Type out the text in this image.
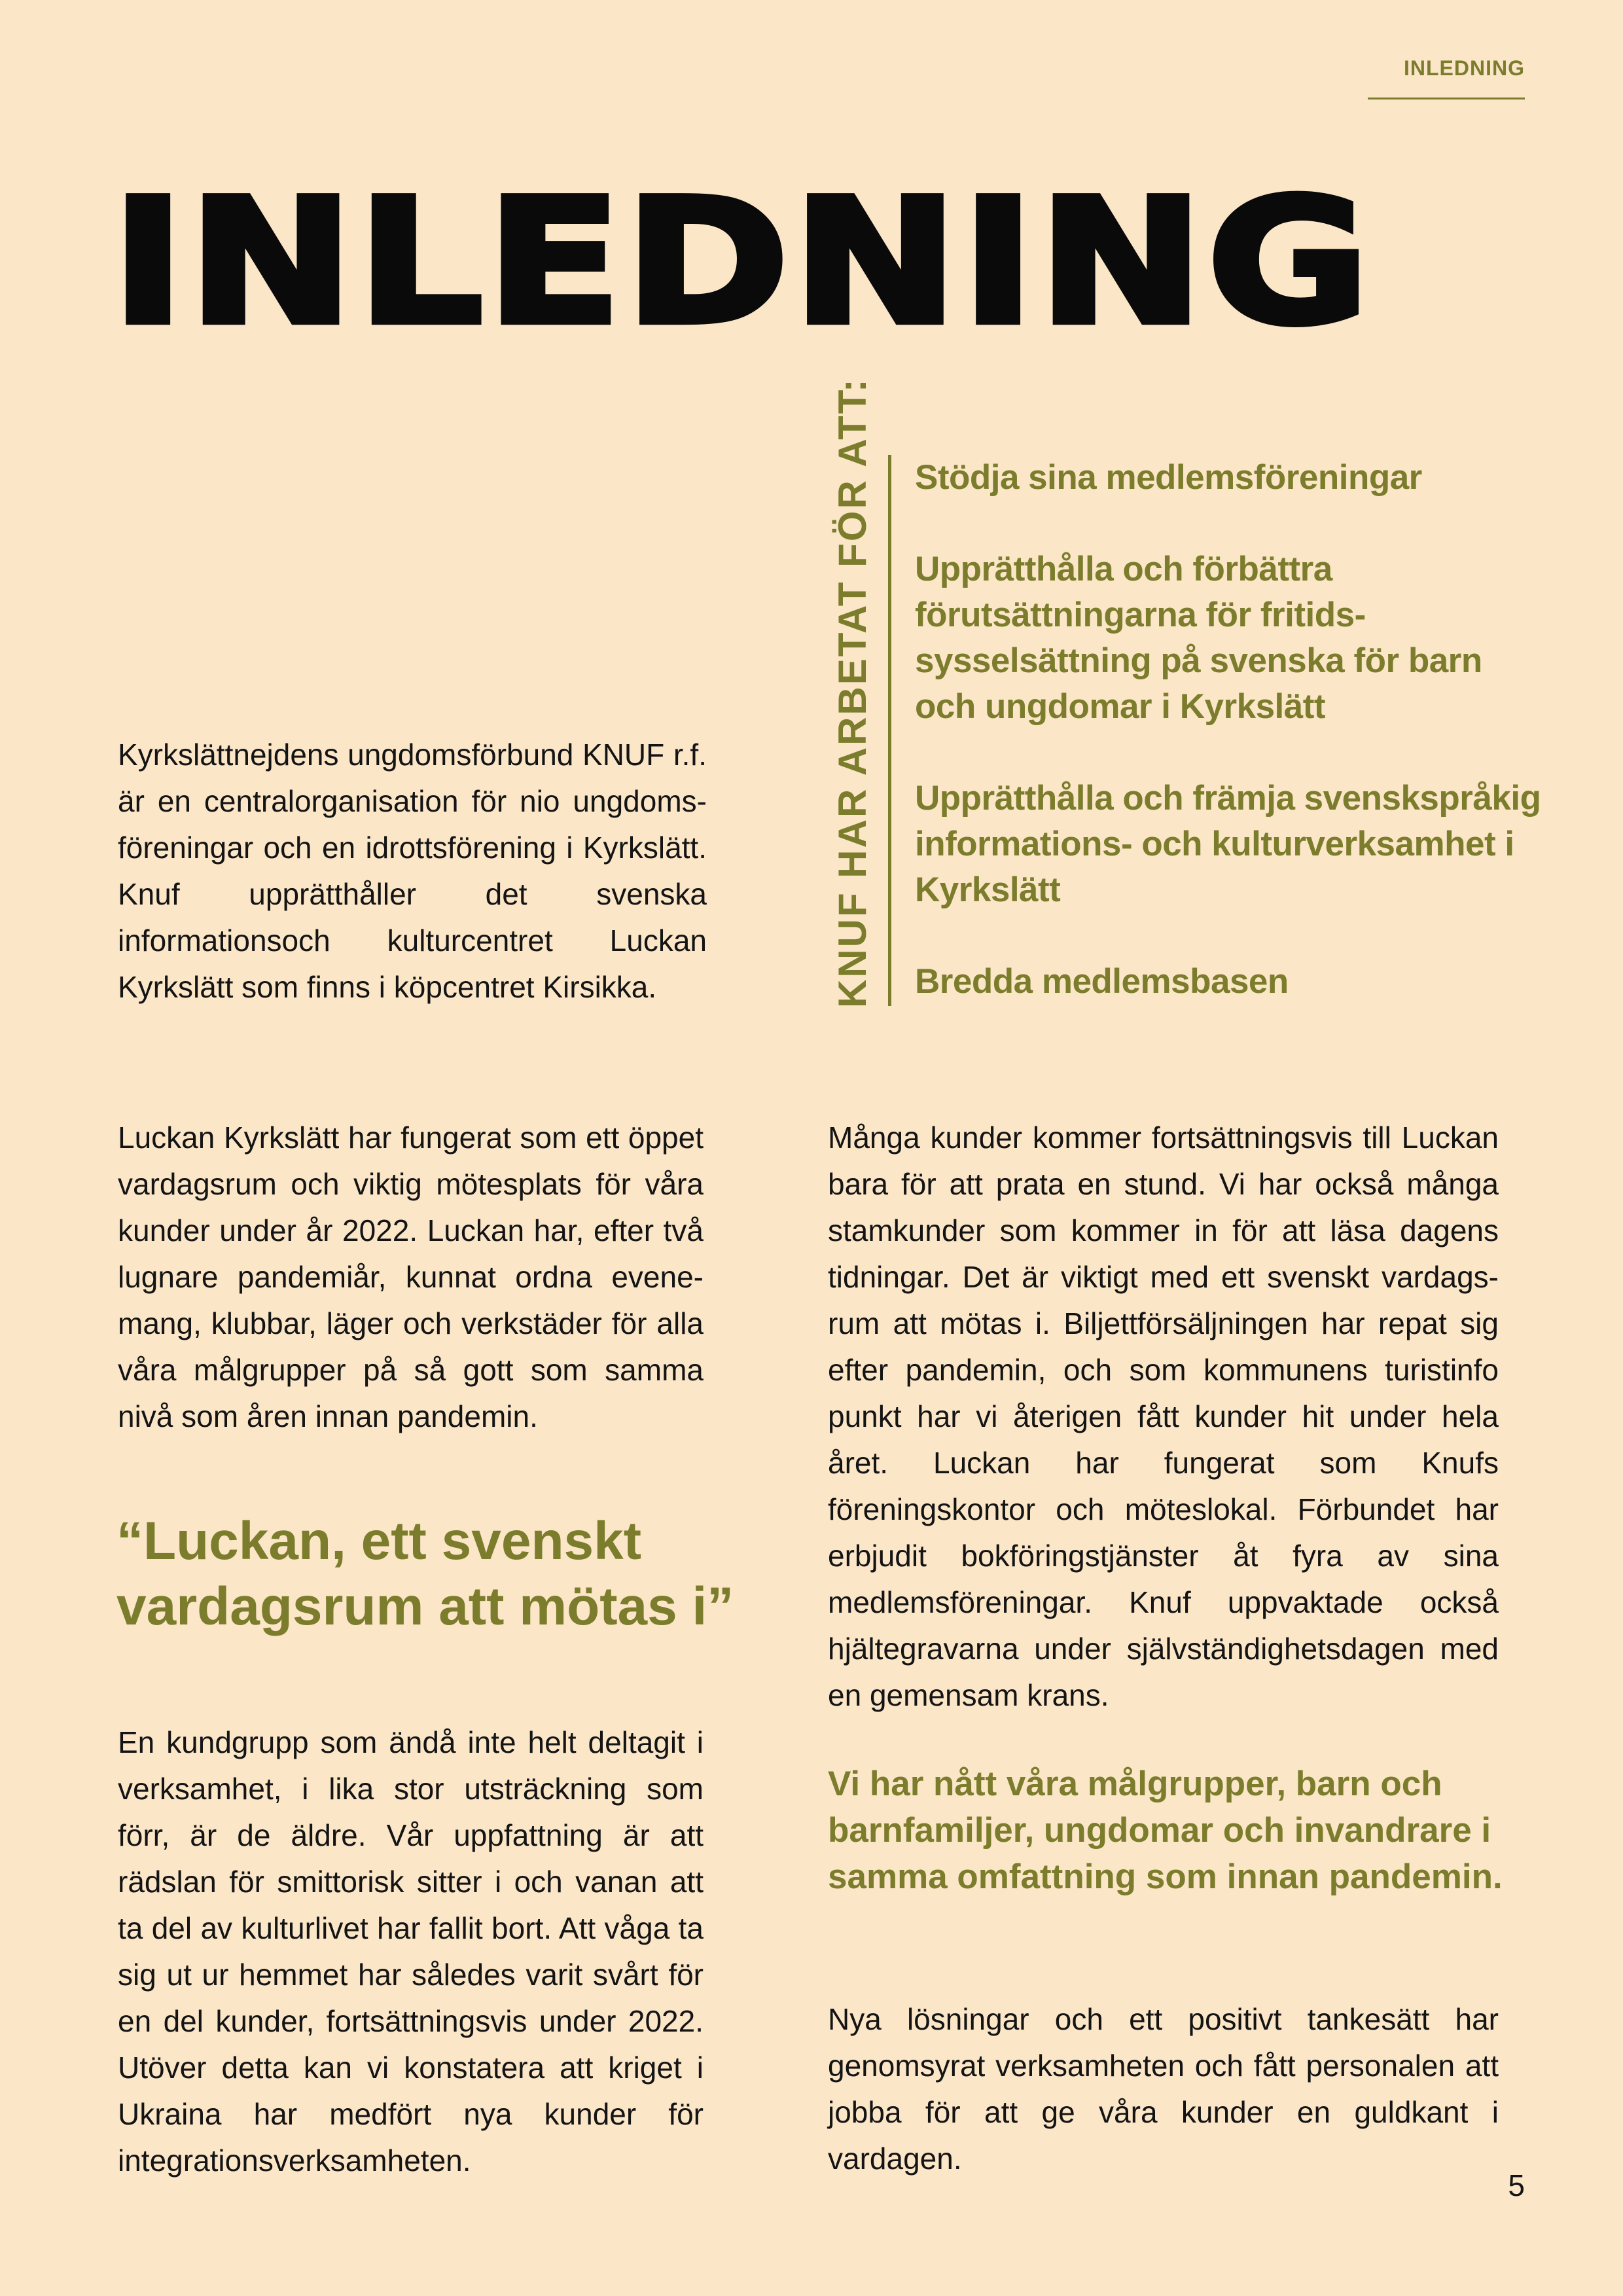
INLEDNING
INLEDNING

Kyrkslättnejdens ungdomsförbund KNUF r.f. är en centralorganisation för nio ungdomsföreningar och en idrottsförening i Kyrkslätt. Knuf upprätthåller det svenska informationsoch kulturcentret Luckan Kyrkslätt som finns i köpcentret Kirsikka.	KNUF HAR ARBETAT FÖR ATT: Stödja sina medlemsföreningar
Upprätthålla och förbättra förutsättningarna för fritidssysselsättning på svenska för barn och ungdomar i Kyrkslätt
Upprätthålla och främja svenskspråkig informations- och kulturverksamhet i Kyrkslätt
Bredda medlemsbasen

Luckan Kyrkslätt har fungerat som ett öppet vardagsrum och viktig mötesplats för våra kunder under år 2022. Luckan har, efter två lugnare pandemiår, kunnat ordna evenemang, klubbar, läger och verkstäder för alla våra målgrupper på så gott som samma nivå som åren innan pandemin.

“Luckan, ett svenskt vardagsrum att mötas i”

En kundgrupp som ändå inte helt deltagit i verksamhet, i lika stor utsträckning som förr, är de äldre. Vår uppfattning är att rädslan för smittorisk sitter i och vanan att ta del av kulturlivet har fallit bort. Att våga ta sig ut ur hemmet har således varit svårt för en del kunder, fortsättningsvis under 2022. Utöver detta kan vi konstatera att kriget i Ukraina har medfört nya kunder för integrationsverksamheten.

Många kunder kommer fortsättningsvis till Luckan bara för att prata en stund. Vi har också många stamkunder som kommer in för att läsa dagens tidningar. Det är viktigt med ett svenskt vardagsrum att mötas i. Biljettförsäljningen har repat sig efter pandemin, och som kommunens turistinfo punkt har vi återigen fått kunder hit under hela året. Luckan har fungerat som Knufs föreningskontor och möteslokal. Förbundet har erbjudit bokföringstjänster åt fyra av sina medlemsföreningar. Knuf uppvaktade också hjältegravarna under självständighetsdagen med en gemensam krans.

Vi har nått våra målgrupper, barn och barnfamiljer, ungdomar och invandrare i samma omfattning som innan pandemin.

Nya lösningar och ett positivt tankesätt har genomsyrat verksamheten och fått personalen att jobba för att ge våra kunder en guldkant i vardagen.

5
